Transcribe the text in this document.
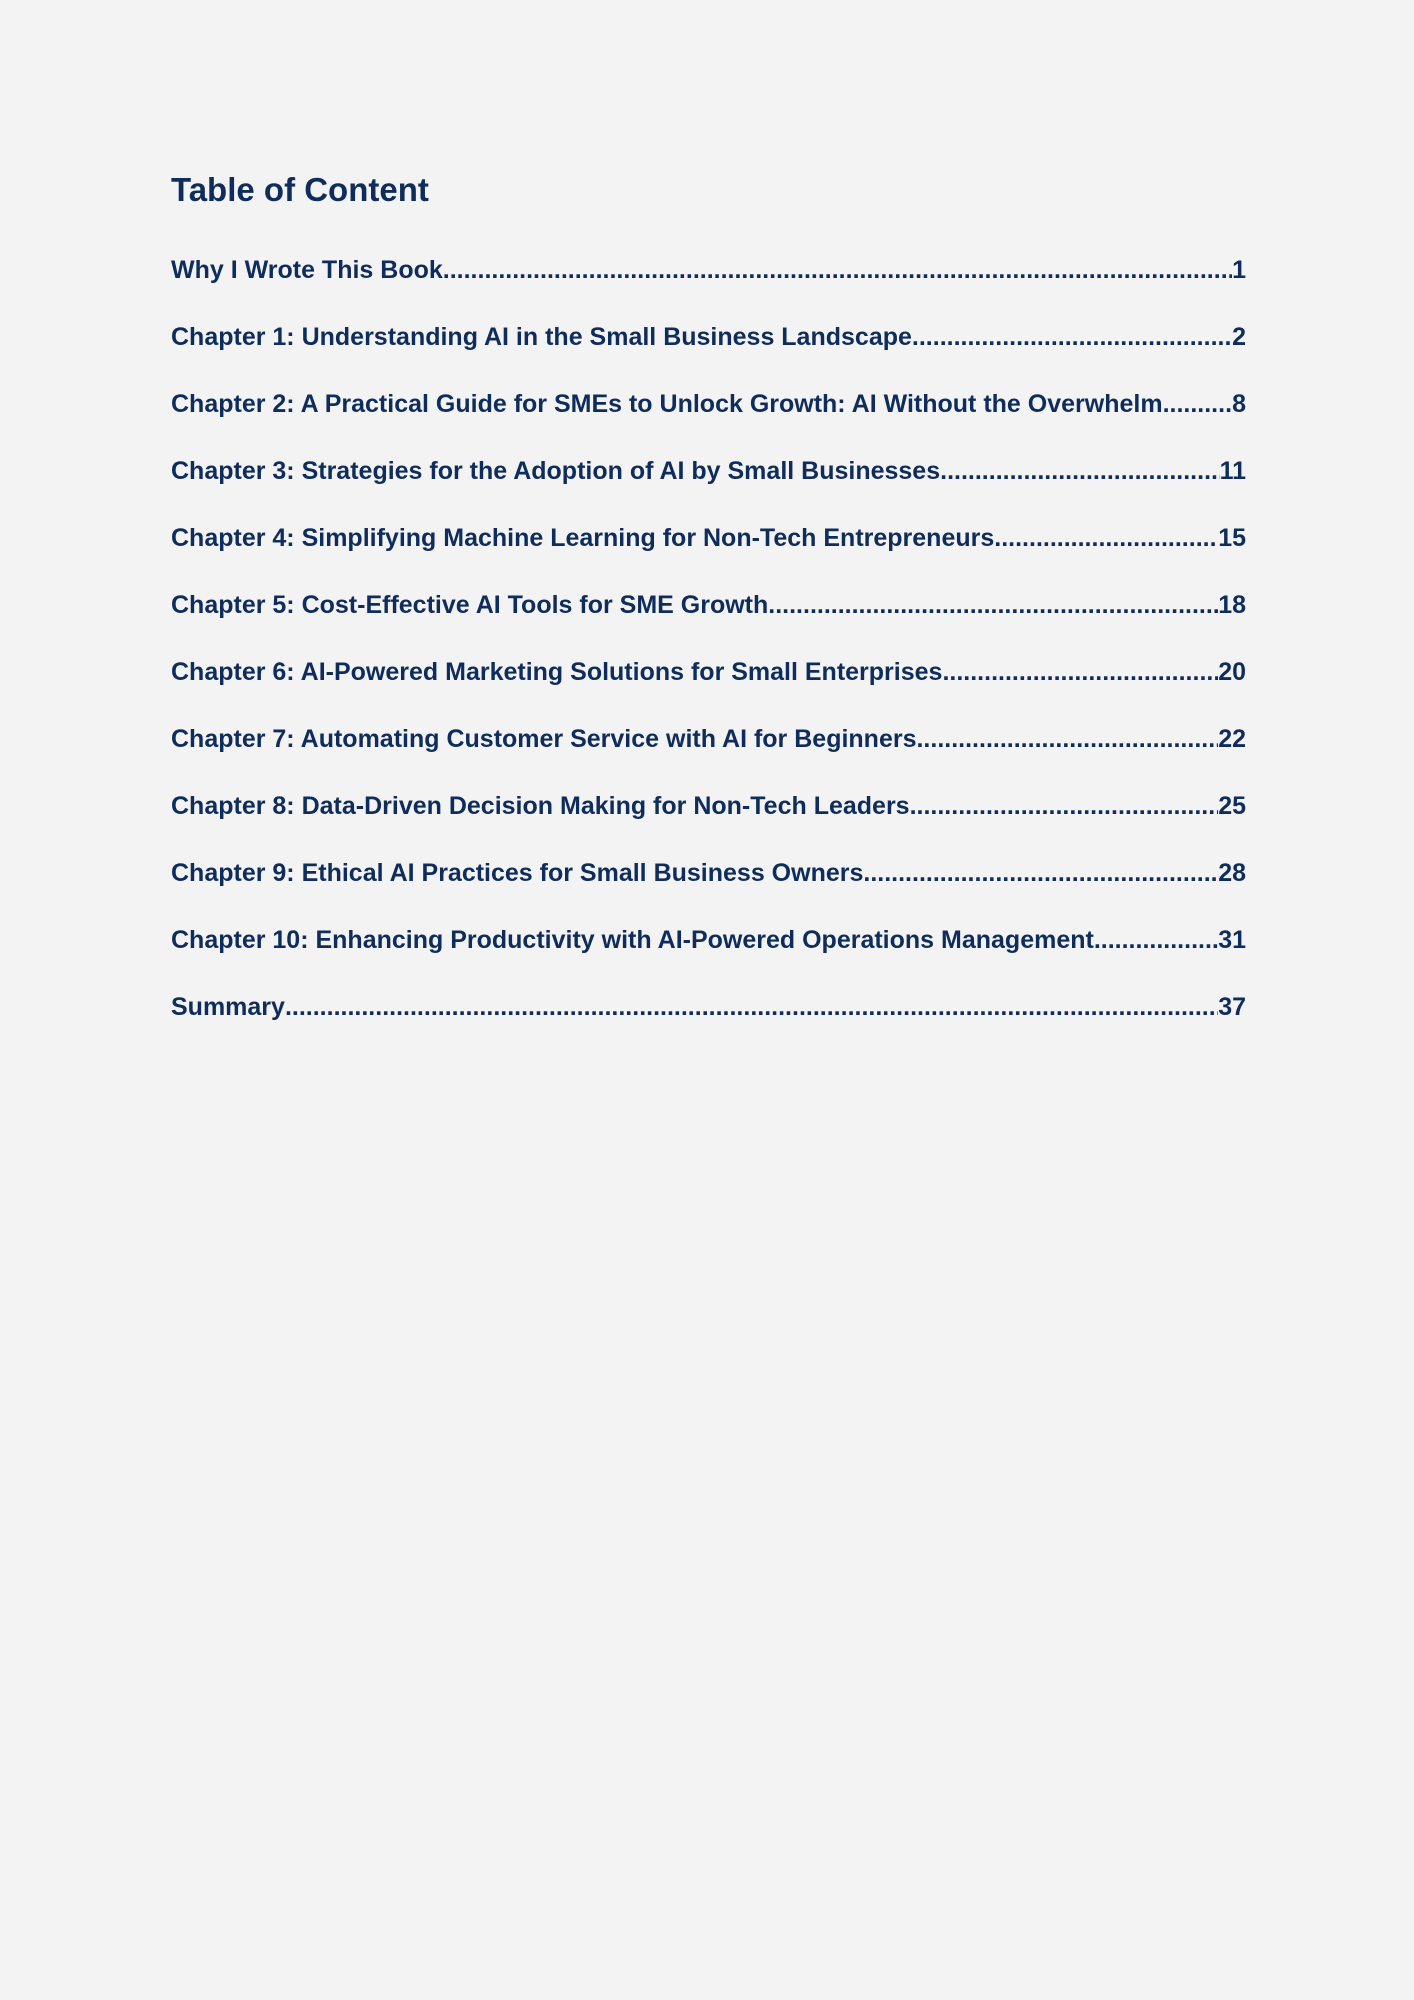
Table of Content
Why I Wrote This Book .....	1
Chapter 1: Understanding AI in the Small Business Landscape .....	2
Chapter 2: A Practical Guide for SMEs to Unlock Growth: AI Without the Overwhelm .....	8
Chapter 3: Strategies for the Adoption of AI by Small Businesses .....	11
Chapter 4: Simplifying Machine Learning for Non-Tech Entrepreneurs .....	15
Chapter 5: Cost-Effective AI Tools for SME Growth .....	18
Chapter 6: AI-Powered Marketing Solutions for Small Enterprises .....	20
Chapter 7: Automating Customer Service with AI for Beginners .....	22
Chapter 8: Data-Driven Decision Making for Non-Tech Leaders .....	25
Chapter 9: Ethical AI Practices for Small Business Owners .....	28
Chapter 10: Enhancing Productivity with AI-Powered Operations Management .....	31
Summary .....	37
